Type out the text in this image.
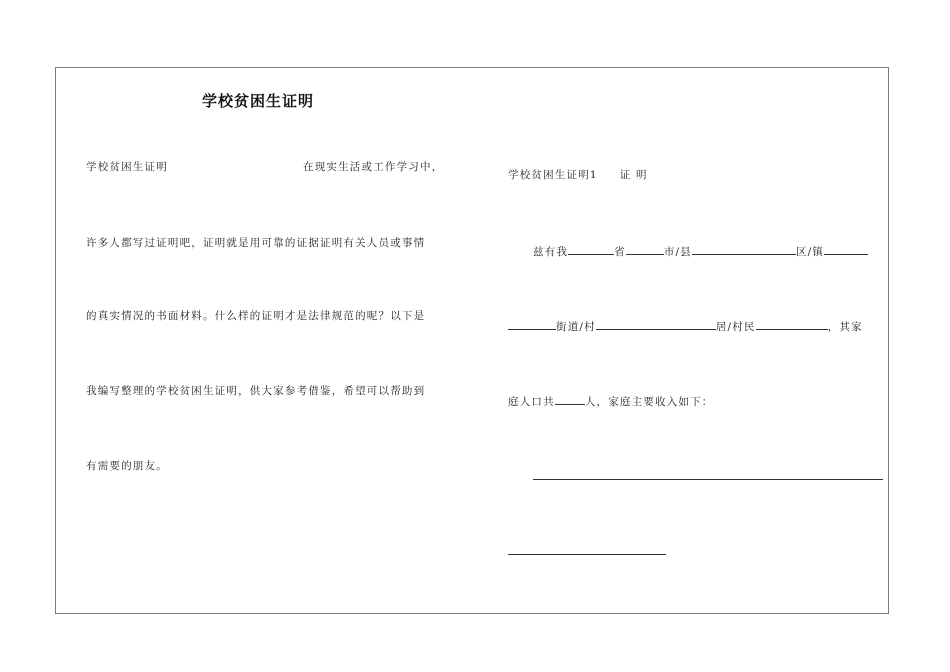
学校贫困生证明
学校贫困生证明	在现实生活或工作学习中，
许多人都写过证明吧，证明就是用可靠的证据证明有关人员或事情
的真实情况的书面材料。什么样的证明才是法律规范的呢？以下是
我编写整理的学校贫困生证明，供大家参考借鉴，希望可以帮助到
有需要的朋友。
学校贫困生证明1 证 明
兹有我	省	市/县	区/镇
街道/村	居/村民	，其家
庭人口共	人，家庭主要收入如下：
